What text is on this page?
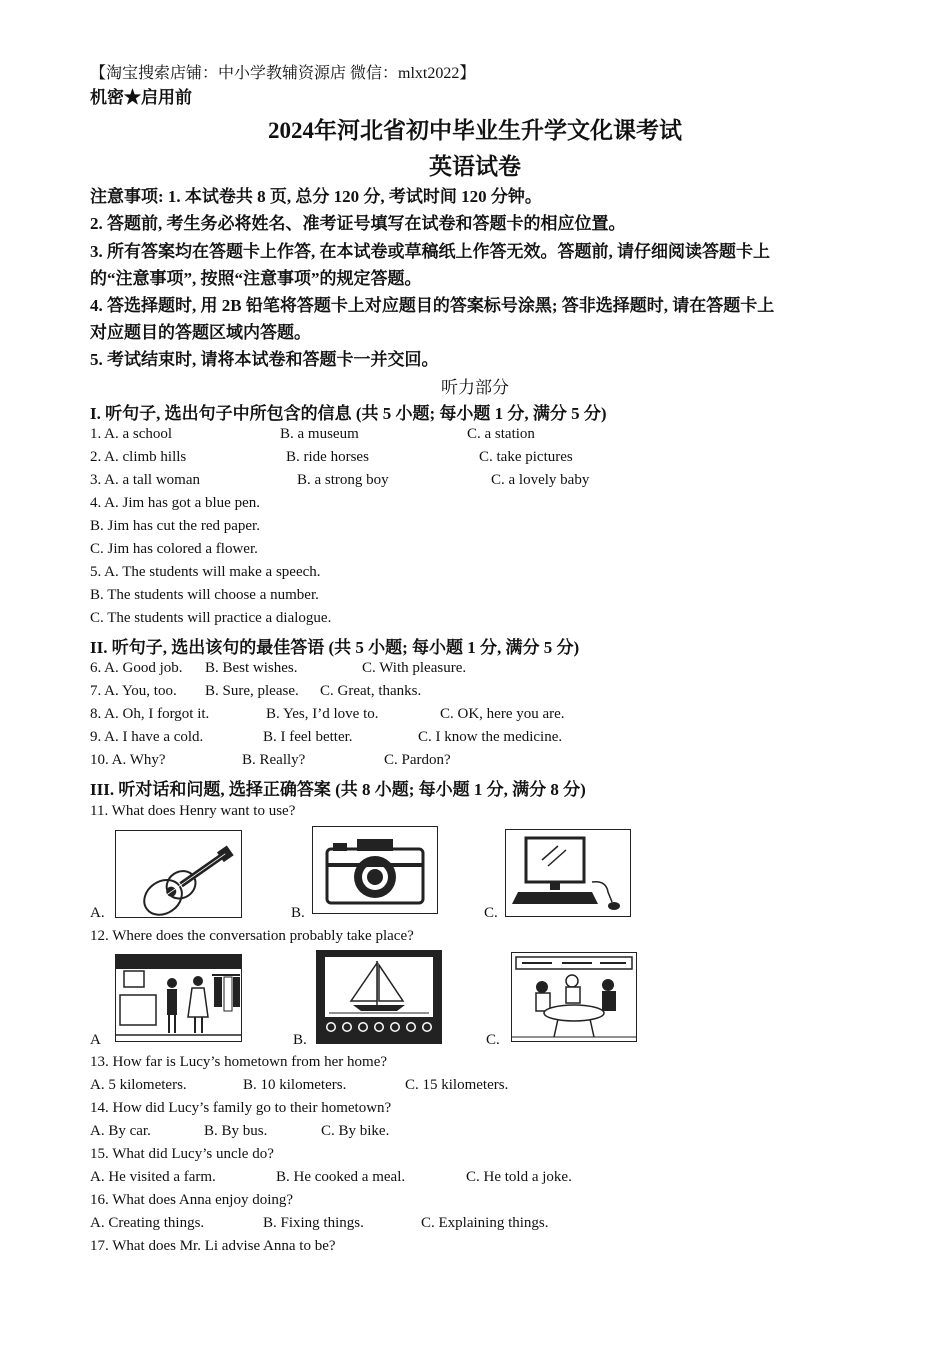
【淘宝搜索店铺：中小学教辅资源店 微信：mlxt2022】
机密★启用前
2024年河北省初中毕业生升学文化课考试
英语试卷
注意事项: 1. 本试卷共 8 页, 总分 120 分, 考试时间 120 分钟。
2. 答题前, 考生务必将姓名、准考证号填写在试卷和答题卡的相应位置。
3. 所有答案均在答题卡上作答, 在本试卷或草稿纸上作答无效。答题前, 请仔细阅读答题卡上
的“注意事项”, 按照“注意事项”的规定答题。
4. 答选择题时, 用 2B 铅笔将答题卡上对应题目的答案标号涂黑; 答非选择题时, 请在答题卡上
对应题目的答题区域内答题。
5. 考试结束时, 请将本试卷和答题卡一并交回。
听力部分
I. 听句子, 选出句子中所包含的信息 (共 5 小题; 每小题 1 分, 满分 5 分)
1. A. a school	B. a museum	C. a station
2. A. climb hills	B. ride horses	C. take pictures
3. A. a tall woman	B. a strong boy	C. a lovely baby
4. A. Jim has got a blue pen.
B. Jim has cut the red paper.
C. Jim has colored a flower.
5. A. The students will make a speech.
B. The students will choose a number.
C. The students will practice a dialogue.
II. 听句子, 选出该句的最佳答语 (共 5 小题; 每小题 1 分, 满分 5 分)
6. A. Good job. B. Best wishes.	C. With pleasure.
7. A. You, too. B. Sure, please. C. Great, thanks.
8. A. Oh, I forgot it.	B. Yes, I’d love to.	C. OK, here you are.
9. A. I have a cold.	B. I feel better.	C. I know the medicine.
10. A. Why?	B. Really?	C. Pardon?
III. 听对话和问题, 选择正确答案 (共 8 小题; 每小题 1 分, 满分 8 分)
11. What does Henry want to use?
A.	B.	C.
12. Where does the conversation probably take place?
A	B.	C.
13. How far is Lucy’s hometown from her home?
A. 5 kilometers.	B. 10 kilometers.	C. 15 kilometers.
14. How did Lucy’s family go to their hometown?
A. By car.	B. By bus.	C. By bike.
15. What did Lucy’s uncle do?
A. He visited a farm.	B. He cooked a meal.	C. He told a joke.
16. What does Anna enjoy doing?
A. Creating things.	B. Fixing things.	C. Explaining things.
17. What does Mr. Li advise Anna to be?
